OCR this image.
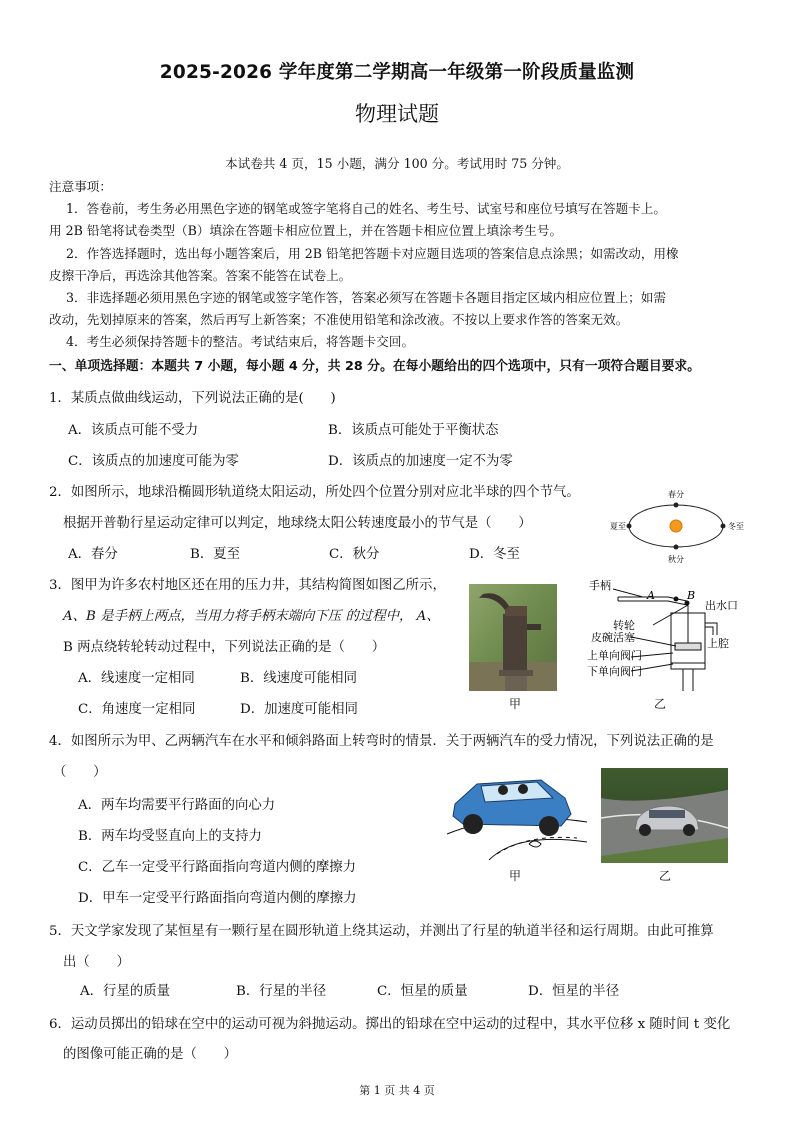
2025-2026 学年度第二学期高一年级第一阶段质量监测
物理试题
本试卷共 4 页，15 小题，满分 100 分。考试用时 75 分钟。
注意事项：
1．答卷前，考生务必用黑色字迹的钢笔或签字笔将自己的姓名、考生号、试室号和座位号填写在答题卡上。
用 2B 铅笔将试卷类型（B）填涂在答题卡相应位置上，并在答题卡相应位置上填涂考生号。
2．作答选择题时，选出每小题答案后，用 2B 铅笔把答题卡对应题目选项的答案信息点涂黑；如需改动，用橡
皮擦干净后，再选涂其他答案。答案不能答在试卷上。
3．非选择题必须用黑色字迹的钢笔或签字笔作答，答案必须写在答题卡各题目指定区域内相应位置上；如需
改动，先划掉原来的答案，然后再写上新答案；不准使用铅笔和涂改液。不按以上要求作答的答案无效。
4．考生必须保持答题卡的整洁。考试结束后，将答题卡交回。
一、单项选择题：本题共 7 小题，每小题 4 分，共 28 分。在每小题给出的四个选项中，只有一项符合题目要求。
1．某质点做曲线运动，下列说法正确的是(　　)
A．该质点可能不受力	B．该质点可能处于平衡状态
C．该质点的加速度可能为零	D．该质点的加速度一定不为零
2．如图所示，地球沿椭圆形轨道绕太阳运动，所处四个位置分别对应北半球的四个节气。
根据开普勒行星运动定律可以判定，地球绕太阳公转速度最小的节气是（　　）
A．春分	B．夏至	C．秋分	D．冬至
春分
夏至	冬至
秋分
3．图甲为许多农村地区还在用的压力井，其结构简图如图乙所示，
A、B 是手柄上两点，当用力将手柄末端向下压 的过程中， A、
B 两点绕转轮转动过程中，下列说法正确的是（　　）
A．线速度一定相同	B．线速度可能相同
C．角速度一定相同	D．加速度可能相同	甲
手柄
A	B
出水口
转轮
上腔
皮碗活塞
上单向阀门
下单向阀门
乙
4．如图所示为甲、乙两辆汽车在水平和倾斜路面上转弯时的情景．关于两辆汽车的受力情况，下列说法正确的是
（　　）
A．两车均需要平行路面的向心力
B．两车均受竖直向上的支持力
C．乙车一定受平行路面指向弯道内侧的摩擦力
D．甲车一定受平行路面指向弯道内侧的摩擦力
甲	乙
5．天文学家发现了某恒星有一颗行星在圆形轨道上绕其运动，并测出了行星的轨道半径和运行周期。由此可推算
出（　　）
A．行星的质量	B．行星的半径	C．恒星的质量	D．恒星的半径
6．运动员掷出的铅球在空中的运动可视为斜抛运动。掷出的铅球在空中运动的过程中，其水平位移 x 随时间 t 变化
的图像可能正确的是（　　）
第 1 页 共 4 页
